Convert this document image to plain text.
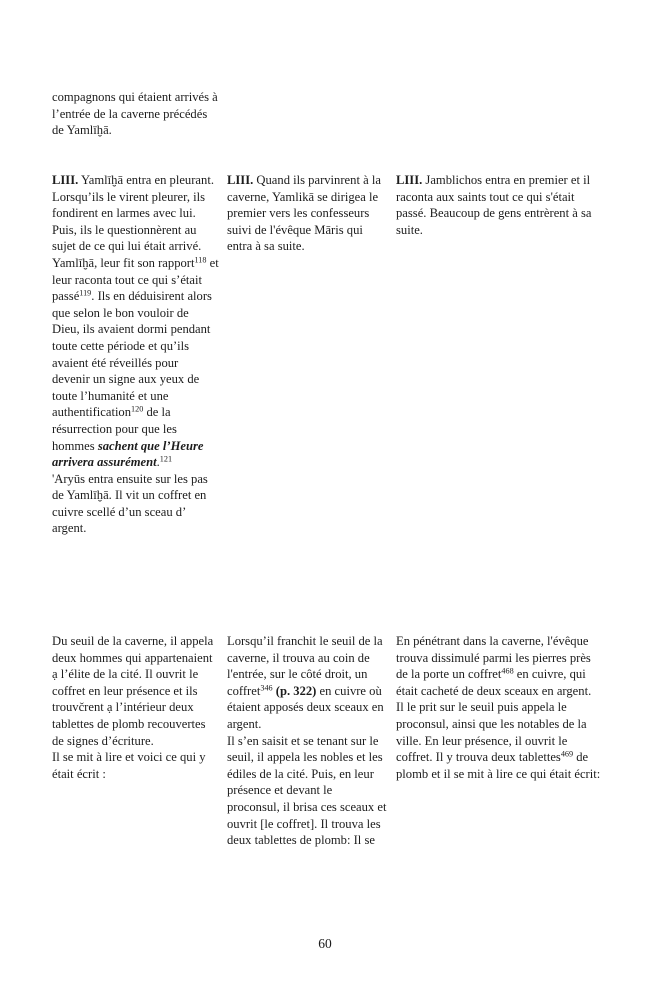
compagnons qui étaient arrivés à l’entrée de la caverne précédés de Yamlīḫā.

LIII. Yamlīḫā entra en pleurant. Lorsqu’ils le virent pleurer, ils fondirent en larmes avec lui. Puis, ils le questionnèrent au sujet de ce qui lui était arrivé. Yamlīḫā, leur fit son rapport$^{118}$ et leur raconta tout ce qui s’était passé$^{119}$. Ils en déduisirent alors que selon le bon vouloir de Dieu, ils avaient dormi pendant toute cette période et qu’ils avaient été réveillés pour devenir un signe aux yeux de toute l’humanité et une authentification$^{120}$ de la résurrection pour que les hommes sachent que l’Heure arrivera assurément.$^{121}$

'Aryūs entra ensuite sur les pas de Yamlīḫā. Il vit un coffret en cuivre scellé d’un sceau d’ argent.

LIII. Quand ils parvinrent à la caverne, Yamlikā se dirigea le premier vers les confesseurs suivi de l'évêque Māris qui entra à sa suite.

LIII. Jamblichos entra en premier et il raconta aux saints tout ce qui s'était passé. Beaucoup de gens entrèrent à sa suite.

Du seuil de la caverne, il appela deux hommes qui appartenaient ạ l’élite de la cité. Il ouvrit le coffret en leur présence et ils trouvčrent ạ l’intérieur deux tablettes de plomb recouvertes de signes d’écriture.

Il se mit à lire et voici ce qui y était écrit :

Lorsqu’il franchit le seuil de la caverne, il trouva au coin de l'entrée, sur le côté droit, un coffret$^{346}$ (p. 322) en cuivre où étaient apposés deux sceaux en argent.

Il s’en saisit et se tenant sur le seuil, il appela les nobles et les édiles de la cité. Puis, en leur présence et devant le proconsul, il brisa ces sceaux et ouvrit [le coffret]. Il trouva les deux tablettes de plomb: Il se

En pénétrant dans la caverne, l'évêque trouva dissimulé parmi les pierres près de la porte un coffret$^{468}$ en cuivre, qui était cacheté de deux sceaux en argent. Il le prit sur le seuil puis appela le proconsul, ainsi que les notables de la ville. En leur présence, il ouvrit le coffret. Il y trouva deux tablettes$^{469}$ de plomb et il se mit à lire ce qui était écrit:

60
